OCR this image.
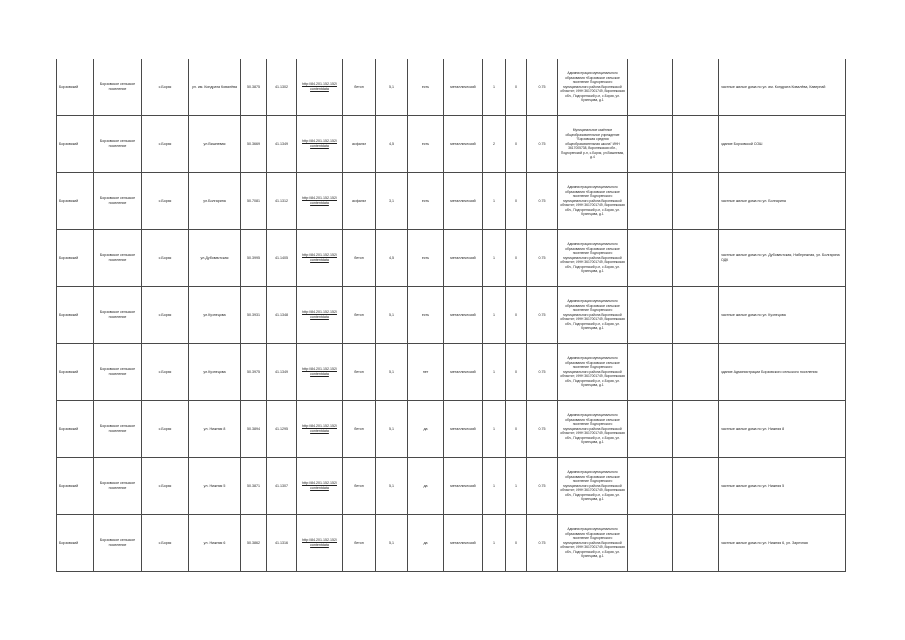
Борзовский	Борзовское сельское поселение	с.Борзя	ул. им. Кондрата Ковалёва	50.3875	41.1302	http://84.201.152.152/ contentdata	бетон	5,1	есть	металлический	1	0	0.75	Администрация муниципального образования «Борзовское сельское поселение Подгоренского муниципального района Воронежской области», ИНН 3617001749, Воронежская обл., Подгоренский р-н, с.Борзя, ул. Кузнецова, д.1			частные жилые дома по ул. им. Кондрата Ковалёва, Кавернай
Борзовский	Борзовское сельское поселение	с.Борзя	ул.Вишневая	50.3669	41.1349	http://84.201.152.152/ contentdata	асфальт	4,5	есть	металлический	2	0	0.75	Муниципальное казённое общеобразовательное учреждение "Борзовская средняя общеобразовательная школа" ИНН 3617005738, Воронежская обл., Подгоренский р-н, с.Борзя, ул.Вишневая, д.4			здание Борзовской СОШ
Борзовский	Борзовское сельское поселение	с.Борзя	ул.Болгарина	50.7081	41.1312	http://84.201.152.152/ contentdata	асфальт	3,1	есть	металлический	1	0	0.75	Администрация муниципального образования «Борзовское сельское поселение Подгоренского муниципального района Воронежской области», ИНН 3617001749, Воронежская обл., Подгоренский р-н, с.Борзя, ул. Кузнецова, д.1			частные жилые дома по ул. Болгарина
Борзовский	Борзовское сельское поселение	с.Борзя	ул.Дубовачтская	50.3995	41.1405	http://84.201.152.152/ contentdata	бетон	4,5	есть	металлический	1	0	0.75	Администрация муниципального образования «Борзовское сельское поселение Подгоренского муниципального района Воронежской области», ИНН 3617001749, Воронежская обл., Подгоренский р-н, с.Борзя, ул. Кузнецова, д.1			частные жилые дома по ул. Дубовачтская, Набережная, ул. Болгарина ОДК
Борзовский	Борзовское сельское поселение	с.Борзя	ул.Кузнецова	50.3931	41.1348	http://84.201.152.152/ contentdata	бетон	5,1	есть	металлический	1	0	0.75	Администрация муниципального образования «Борзовское сельское поселение Подгоренского муниципального района Воронежской области», ИНН 3617001749, Воронежская обл., Подгоренский р-н, с.Борзя, ул. Кузнецова, д.1			частные жилые дома по ул. Кузнецова
Борзовский	Борзовское сельское поселение	с.Борзя	ул.Кузнецова	50.3975	41.1349	http://84.201.152.152/ contentdata	бетон	5,1	нет	металлический	1	0	0.75	Администрация муниципального образования «Борзовское сельское поселение Подгоренского муниципального района Воронежской области», ИНН 3617001749, Воронежская обл., Подгоренский р-н, с.Борзя, ул. Кузнецова, д.1			здание Администрации Борзовского сельского поселения
Борзовский	Борзовское сельское поселение	с.Борзя	ул. Нижняя 8	50.3894	41.1295	http://84.201.152.152/ contentdata	бетон	5,1	да	металлический	1	0	0.75	Администрация муниципального образования «Борзовское сельское поселение Подгоренского муниципального района Воронежской области», ИНН 3617001749, Воронежская обл., Подгоренский р-н, с.Борзя, ул. Кузнецова, д.1			частные жилые дома по ул. Нижняя 8
Борзовский	Борзовское сельское поселение	с.Борзя	ул. Нижняя 5	50.3871	41.1307	http://84.201.152.152/ contentdata	бетон	5,1	да	металлический	1	1	0.75	Администрация муниципального образования «Борзовское сельское поселение Подгоренского муниципального района Воронежской области», ИНН 3617001749, Воронежская обл., Подгоренский р-н, с.Борзя, ул. Кузнецова, д.1			частные жилые дома по ул. Нижняя 5
Борзовский	Борзовское сельское поселение	с.Борзя	ул. Нижняя 6	50.3862	41.1316	http://84.201.152.152/ contentdata	бетон	5,1	да	металлический	1	0	0.75	Администрация муниципального образования «Борзовское сельское поселение Подгоренского муниципального района Воронежской области», ИНН 3617001749, Воронежская обл., Подгоренский р-н, с.Борзя, ул. Кузнецова, д.1			частные жилые дома по ул. Нижняя 6, ул. Заречная
